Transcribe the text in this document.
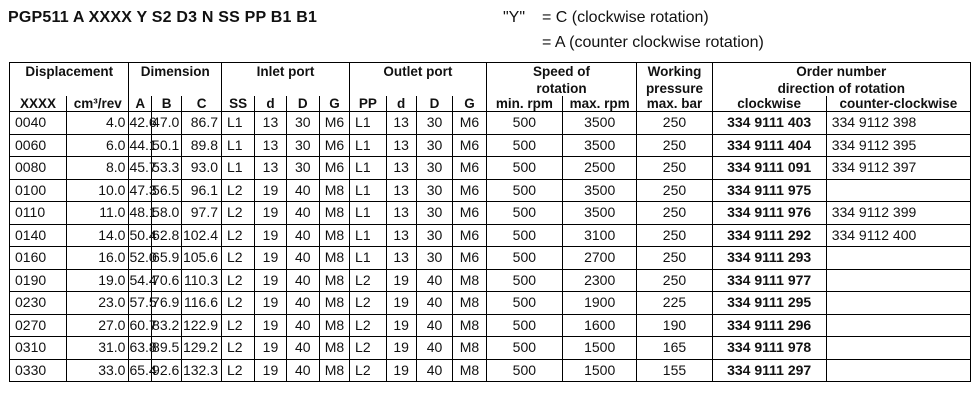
PGP511 A XXXX Y S2 D3 N SS PP B1 B1	"Y" = C (clockwise rotation)
= A (counter clockwise rotation)
Displacement		Dimension			Inlet port				Outlet port				Speed of		Working	Order number	
													rotation		pressure	direction of rotation	
XXXX	cm³/rev	A	B	C	SS	d	D	G	PP	d	D	G	min. rpm	max. rpm	max. bar	clockwise	counter-clockwise
0040	4.0	42.6	47.0	86.7	L1	13	30	M6	L1	13	30	M6	500	3500	250	334 9111 403	334 9112 398
0060	6.0	44.1	50.1	89.8	L1	13	30	M6	L1	13	30	M6	500	3500	250	334 9111 404	334 9112 395
0080	8.0	45.7	53.3	93.0	L1	13	30	M6	L1	13	30	M6	500	2500	250	334 9111 091	334 9112 397
0100	10.0	47.3	56.5	96.1	L2	19	40	M8	L1	13	30	M6	500	3500	250	334 9111 975	
0110	11.0	48.1	58.0	97.7	L2	19	40	M8	L1	13	30	M6	500	3500	250	334 9111 976	334 9112 399
0140	14.0	50.4	62.8	102.4	L2	19	40	M8	L1	13	30	M6	500	3100	250	334 9111 292	334 9112 400
0160	16.0	52.0	65.9	105.6	L2	19	40	M8	L1	13	30	M6	500	2700	250	334 9111 293	
0190	19.0	54.4	70.6	110.3	L2	19	40	M8	L2	19	40	M8	500	2300	250	334 9111 977	
0230	23.0	57.5	76.9	116.6	L2	19	40	M8	L2	19	40	M8	500	1900	225	334 9111 295	
0270	27.0	60.7	83.2	122.9	L2	19	40	M8	L2	19	40	M8	500	1600	190	334 9111 296	
0310	31.0	63.8	89.5	129.2	L2	19	40	M8	L2	19	40	M8	500	1500	165	334 9111 978	
0330	33.0	65.4	92.6	132.3	L2	19	40	M8	L2	19	40	M8	500	1500	155	334 9111 297	
